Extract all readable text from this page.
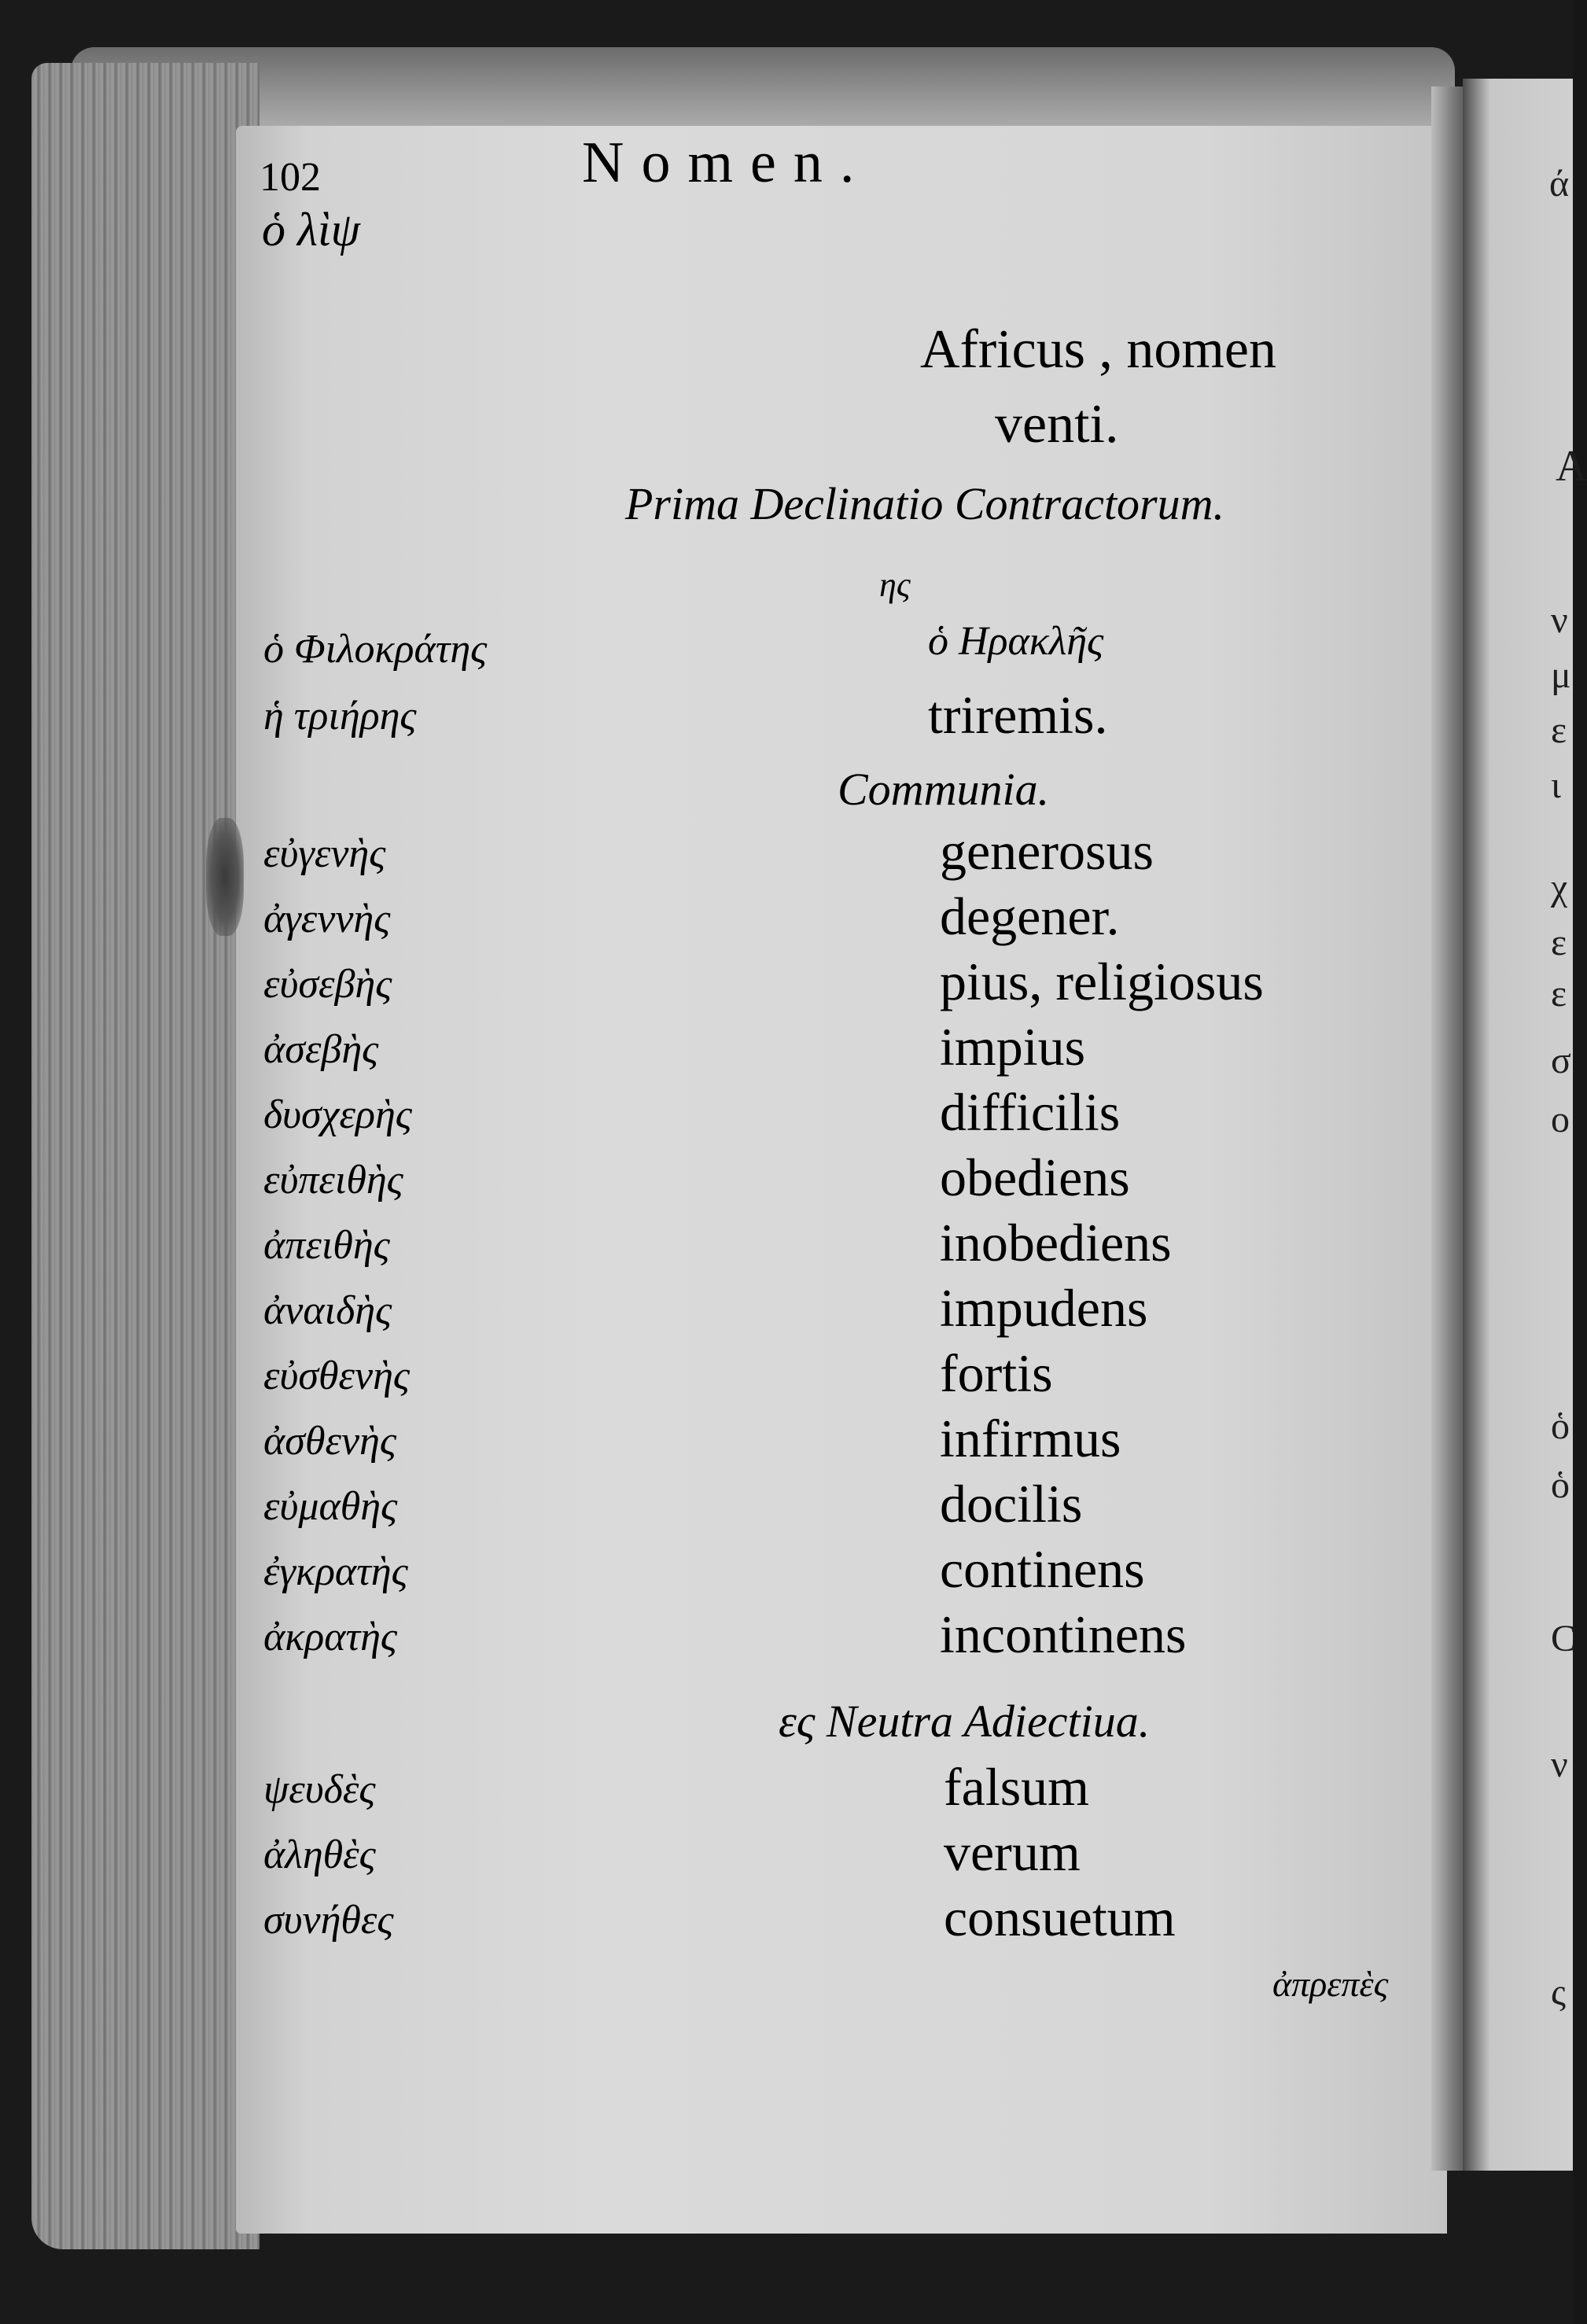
ά
Α
ν
μ
ε
ι
χ
ε
ε
σ
ο
ὁ
ὁ
C
ν
ς
102	Nomen.
ὁ λὶψ
Africus , nomen
venti.
Prima Declinatio Contractorum.
ης
ὁ Φιλοκράτης	ὁ Ηρακλῆς
ἡ τριήρης	triremis.
Communia.
εὐγενὴς	generosus
ἀγεννὴς	degener.
εὐσεβὴς	pius, religiosus
ἀσεβὴς	impius
δυσχερὴς	difficilis
εὐπειθὴς	obediens
ἀπειθὴς	inobediens
ἀναιδὴς	impudens
εὐσθενὴς	fortis
ἀσθενὴς	infirmus
εὐμαθὴς	docilis
ἐγκρατὴς	continens
ἀκρατὴς	incontinens
ες Neutra Adiectiua.
ψευδὲς	falsum
ἀληθὲς	verum
συνήθες	consuetum
ἀπρεπὲς
